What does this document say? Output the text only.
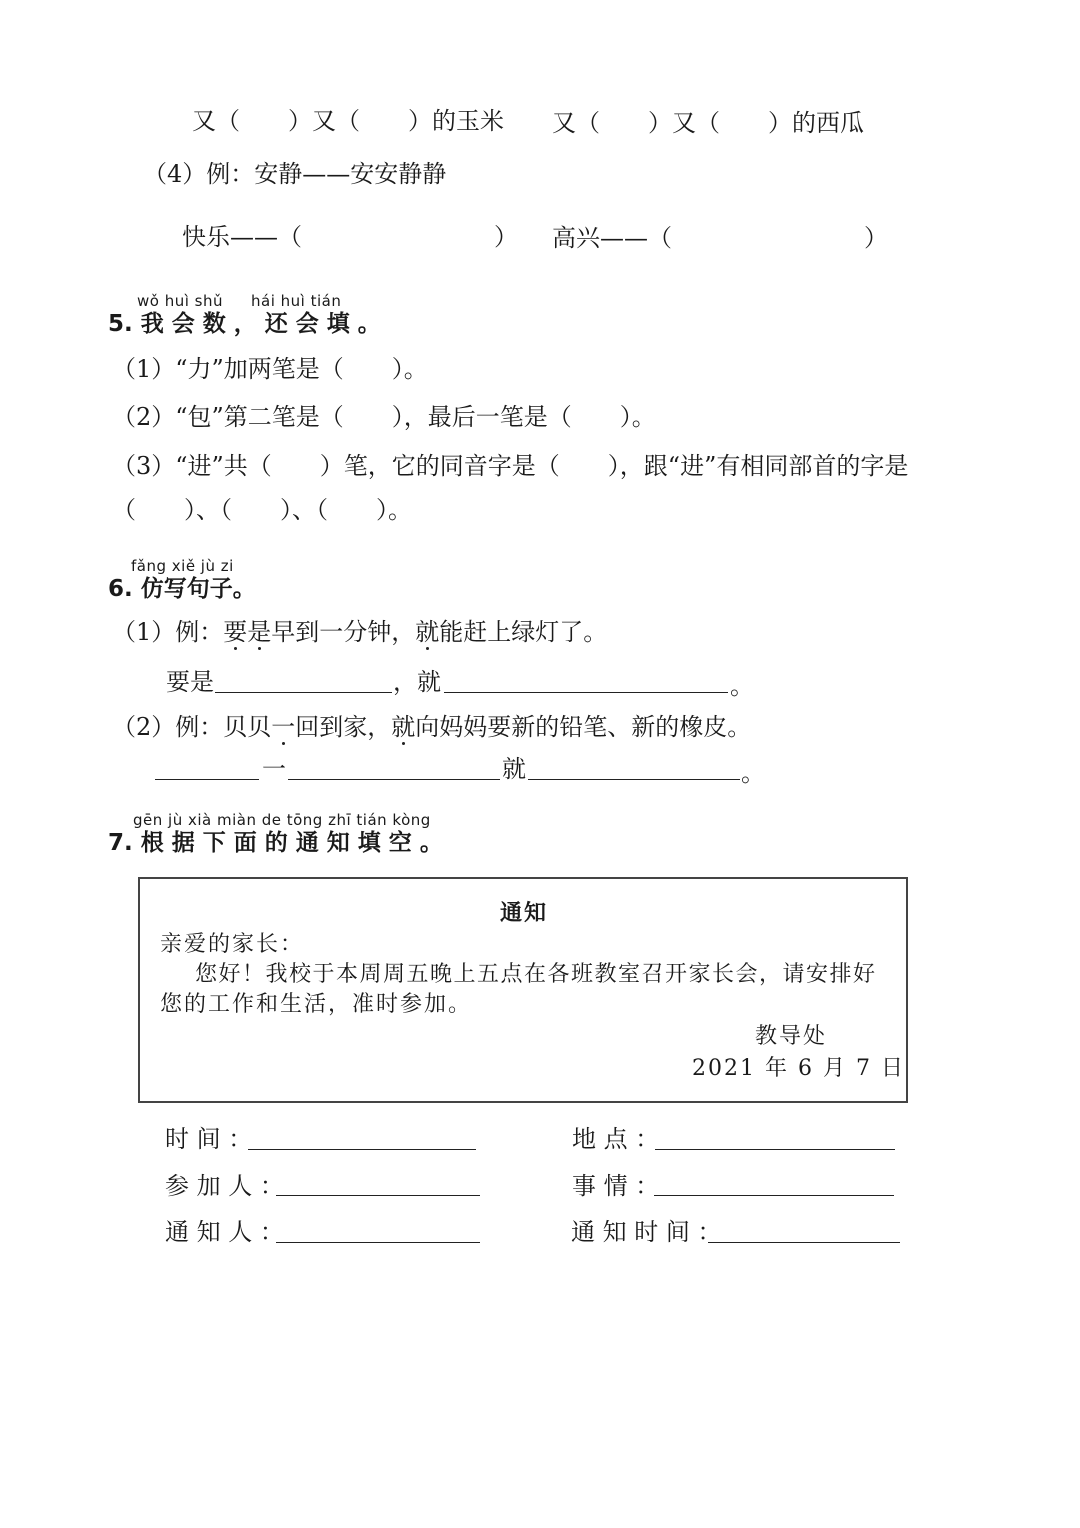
又（　　）又（　　）的玉米 又（　　）又（　　）的西瓜
（4）例：安静——安安静静
快乐——（　　　　　　　　） 高兴——（　　　　　　　　）
wǒ huì shǔ hái huì tián
5. 我 会 数 ， 还 会 填 。
（1）“力”加两笔是（　　）。
（2）“包”第二笔是（　　），最后一笔是（　　）。
（3）“进”共（　　）笔，它的同音字是（　　），跟“进”有相同部首的字是
（　　）、（　　）、（　　）。
fǎng xiě jù zi
6. 仿写句子。
（1）例：要是早到一分钟，就能赶上绿灯了。
要是	，就	。
（2）例：贝贝一回到家，就向妈妈要新的铅笔、新的橡皮。
一	就	。
gēn jù xià miàn de tōng zhī tián kòng
7. 根 据 下 面 的 通 知 填 空 。
通知
亲爱的家长：
您好！我校于本周周五晚上五点在各班教室召开家长会，请安排好
您的工作和生活，准时参加。
教导处
2021 年 6 月 7 日
时 间 ：	地 点 ：
参 加 人 ：	事 情 ：
通 知 人 ：	通 知 时 间 ：
